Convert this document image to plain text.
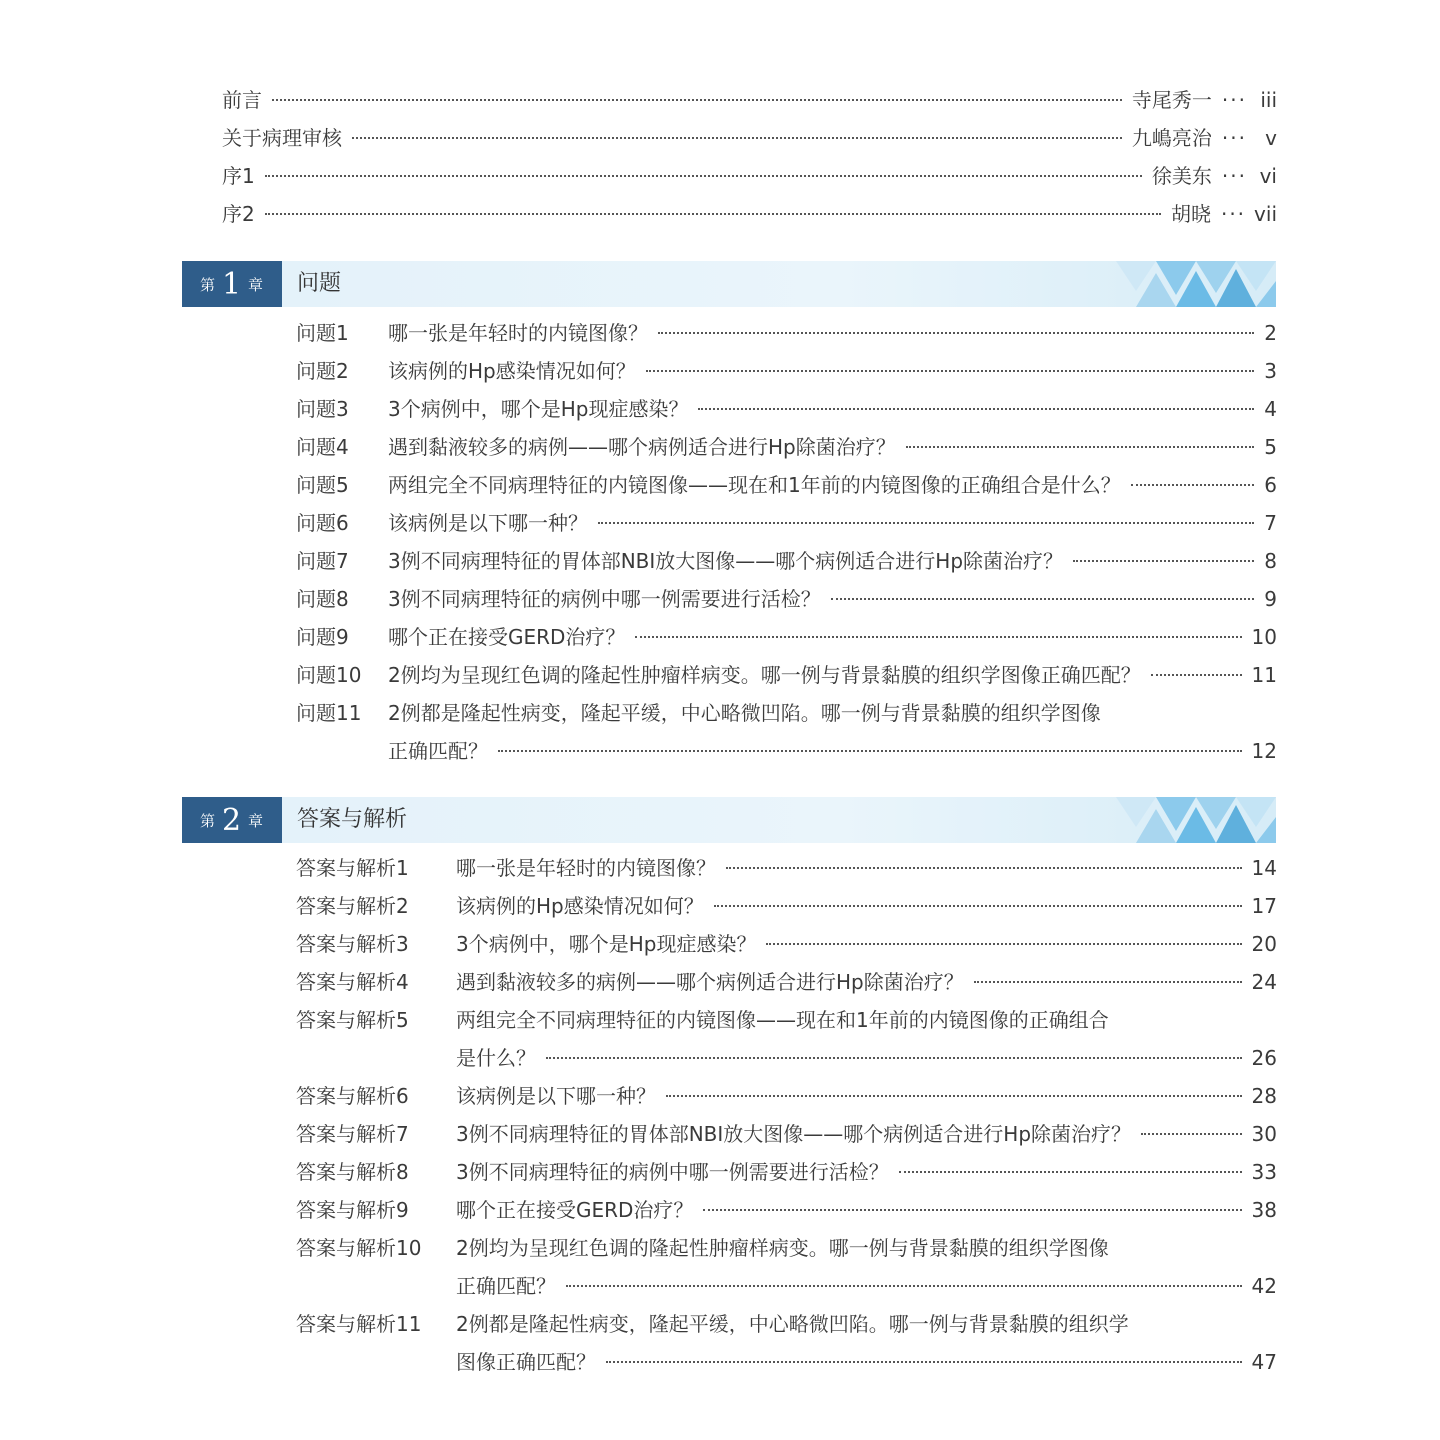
前言	寺尾秀一 ··· iii
关于病理审核	九嶋亮治 ··· v
序1	徐美东 ··· vi
序2	胡晓 ··· vii
第 1 章 问题
问题1	哪一张是年轻时的内镜图像？	2
问题2	该病例的Hp感染情况如何？	3
问题3	3个病例中，哪个是Hp现症感染？	4
问题4	遇到黏液较多的病例——哪个病例适合进行Hp除菌治疗？	5
问题5	两组完全不同病理特征的内镜图像——现在和1年前的内镜图像的正确组合是什么？	6
问题6	该病例是以下哪一种？	7
问题7	3例不同病理特征的胃体部NBI放大图像——哪个病例适合进行Hp除菌治疗？	8
问题8	3例不同病理特征的病例中哪一例需要进行活检？	9
问题9	哪个正在接受GERD治疗？	10
问题10	2例均为呈现红色调的隆起性肿瘤样病变。哪一例与背景黏膜的组织学图像正确匹配？	11
问题11	2例都是隆起性病变，隆起平缓，中心略微凹陷。哪一例与背景黏膜的组织学图像
正确匹配？	12
第 2 章 答案与解析
答案与解析1	哪一张是年轻时的内镜图像？	14
答案与解析2	该病例的Hp感染情况如何？	17
答案与解析3	3个病例中，哪个是Hp现症感染？	20
答案与解析4	遇到黏液较多的病例——哪个病例适合进行Hp除菌治疗？	24
答案与解析5	两组完全不同病理特征的内镜图像——现在和1年前的内镜图像的正确组合
是什么？	26
答案与解析6	该病例是以下哪一种？	28
答案与解析7	3例不同病理特征的胃体部NBI放大图像——哪个病例适合进行Hp除菌治疗？	30
答案与解析8	3例不同病理特征的病例中哪一例需要进行活检？	33
答案与解析9	哪个正在接受GERD治疗？	38
答案与解析10	2例均为呈现红色调的隆起性肿瘤样病变。哪一例与背景黏膜的组织学图像
正确匹配？	42
答案与解析11	2例都是隆起性病变，隆起平缓，中心略微凹陷。哪一例与背景黏膜的组织学
图像正确匹配？	47
